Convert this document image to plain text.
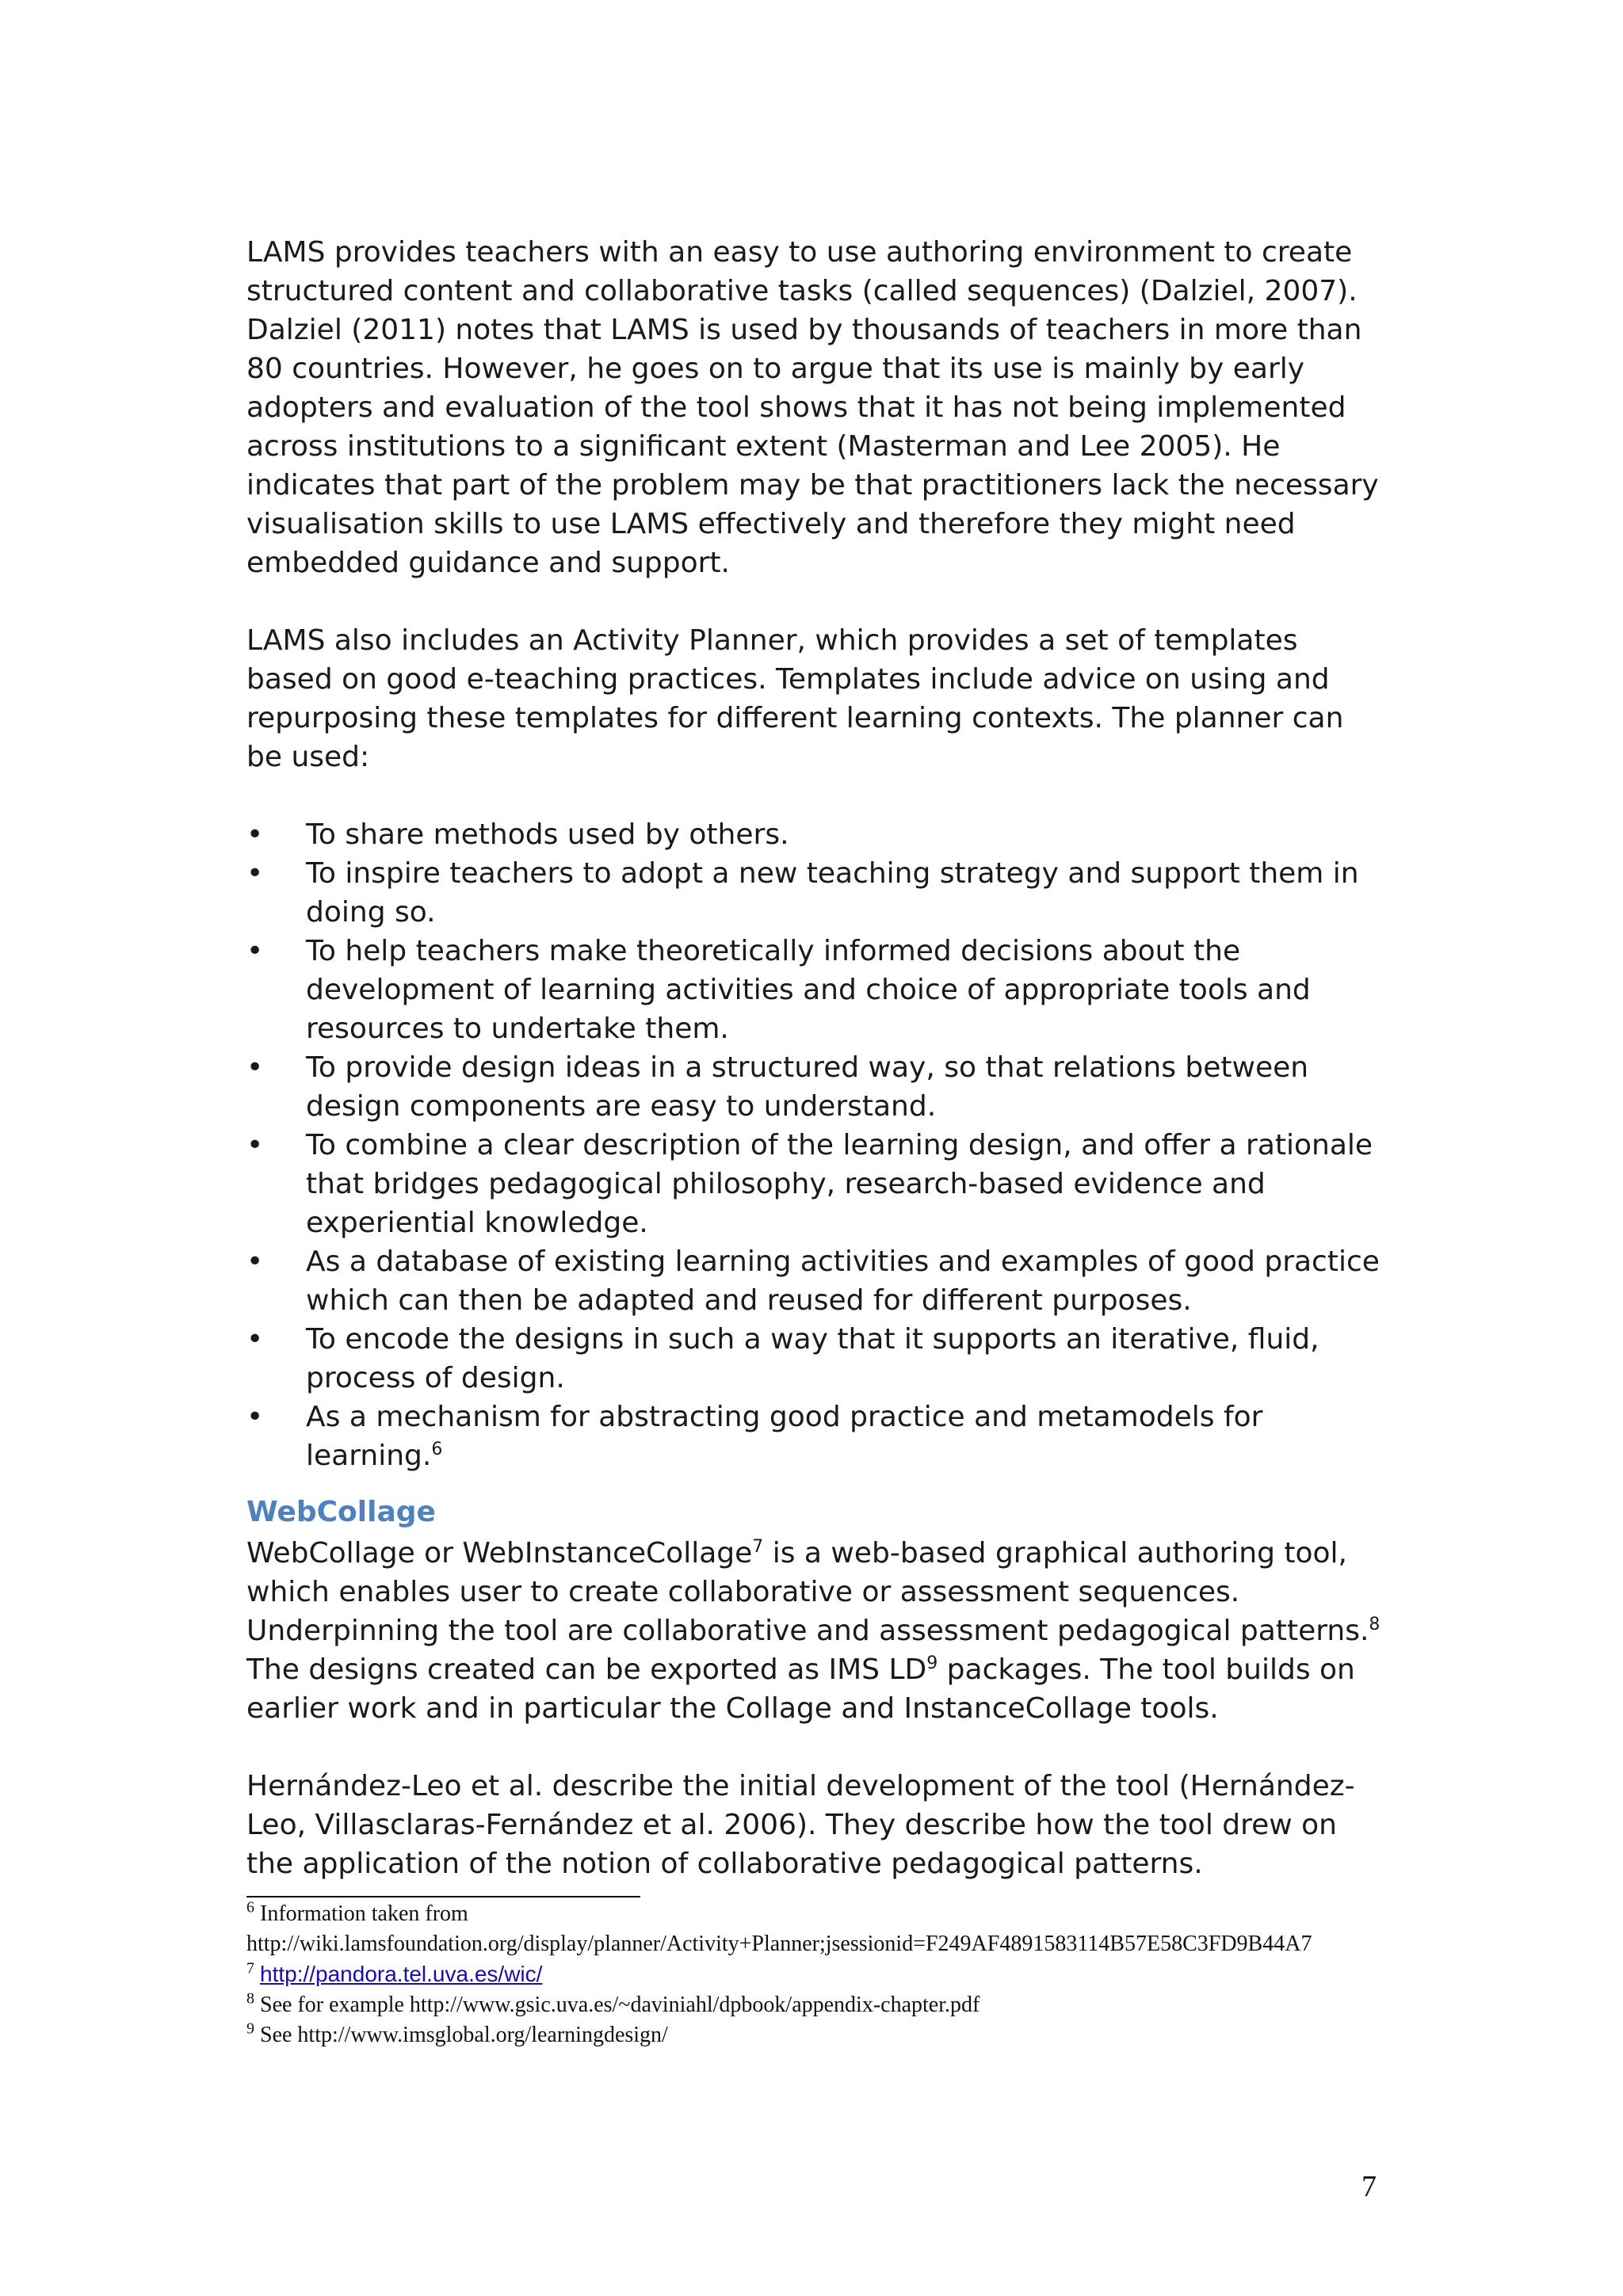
LAMS provides teachers with an easy to use authoring environment to create structured content and collaborative tasks (called sequences) (Dalziel, 2007). Dalziel (2011) notes that LAMS is used by thousands of teachers in more than 80 countries. However, he goes on to argue that its use is mainly by early adopters and evaluation of the tool shows that it has not being implemented across institutions to a significant extent (Masterman and Lee 2005). He indicates that part of the problem may be that practitioners lack the necessary visualisation skills to use LAMS effectively and therefore they might need embedded guidance and support.

LAMS also includes an Activity Planner, which provides a set of templates based on good e-teaching practices. Templates include advice on using and repurposing these templates for different learning contexts. The planner can be used:

• To share methods used by others.
• To inspire teachers to adopt a new teaching strategy and support them in doing so.
• To help teachers make theoretically informed decisions about the development of learning activities and choice of appropriate tools and resources to undertake them.
• To provide design ideas in a structured way, so that relations between design components are easy to understand.
• To combine a clear description of the learning design, and offer a rationale that bridges pedagogical philosophy, research-based evidence and experiential knowledge.
• As a database of existing learning activities and examples of good practice which can then be adapted and reused for different purposes.
• To encode the designs in such a way that it supports an iterative, fluid, process of design.
• As a mechanism for abstracting good practice and metamodels for learning.$^6$
WebCollage

WebCollage or WebInstanceCollage$^7$ is a web-based graphical authoring tool, which enables user to create collaborative or assessment sequences. Underpinning the tool are collaborative and assessment pedagogical patterns.$^8$ The designs created can be exported as IMS $LD^9$ packages. The tool builds on earlier work and in particular the Collage and InstanceCollage tools.

Hernández-Leo et al. describe the initial development of the tool (Hernández-Leo, Villasclaras-Fernández et al. 2006). They describe how the tool drew on the application of the notion of collaborative pedagogical patterns.

$^6$ Information taken from http://wiki.lamsfoundation.org/display/planner/Activity+Planner;jsessionid=F249AF4891583114B57E58C3FD9B44A7

$^7$ http://pandora.tel.uva.es/wic/

$^8$ See for example http://www.gsic.uva.es/~daviniahl/dpbook/appendix-chapter.pdf

$^9$ See http://www.imsglobal.org/learningdesign/

7
